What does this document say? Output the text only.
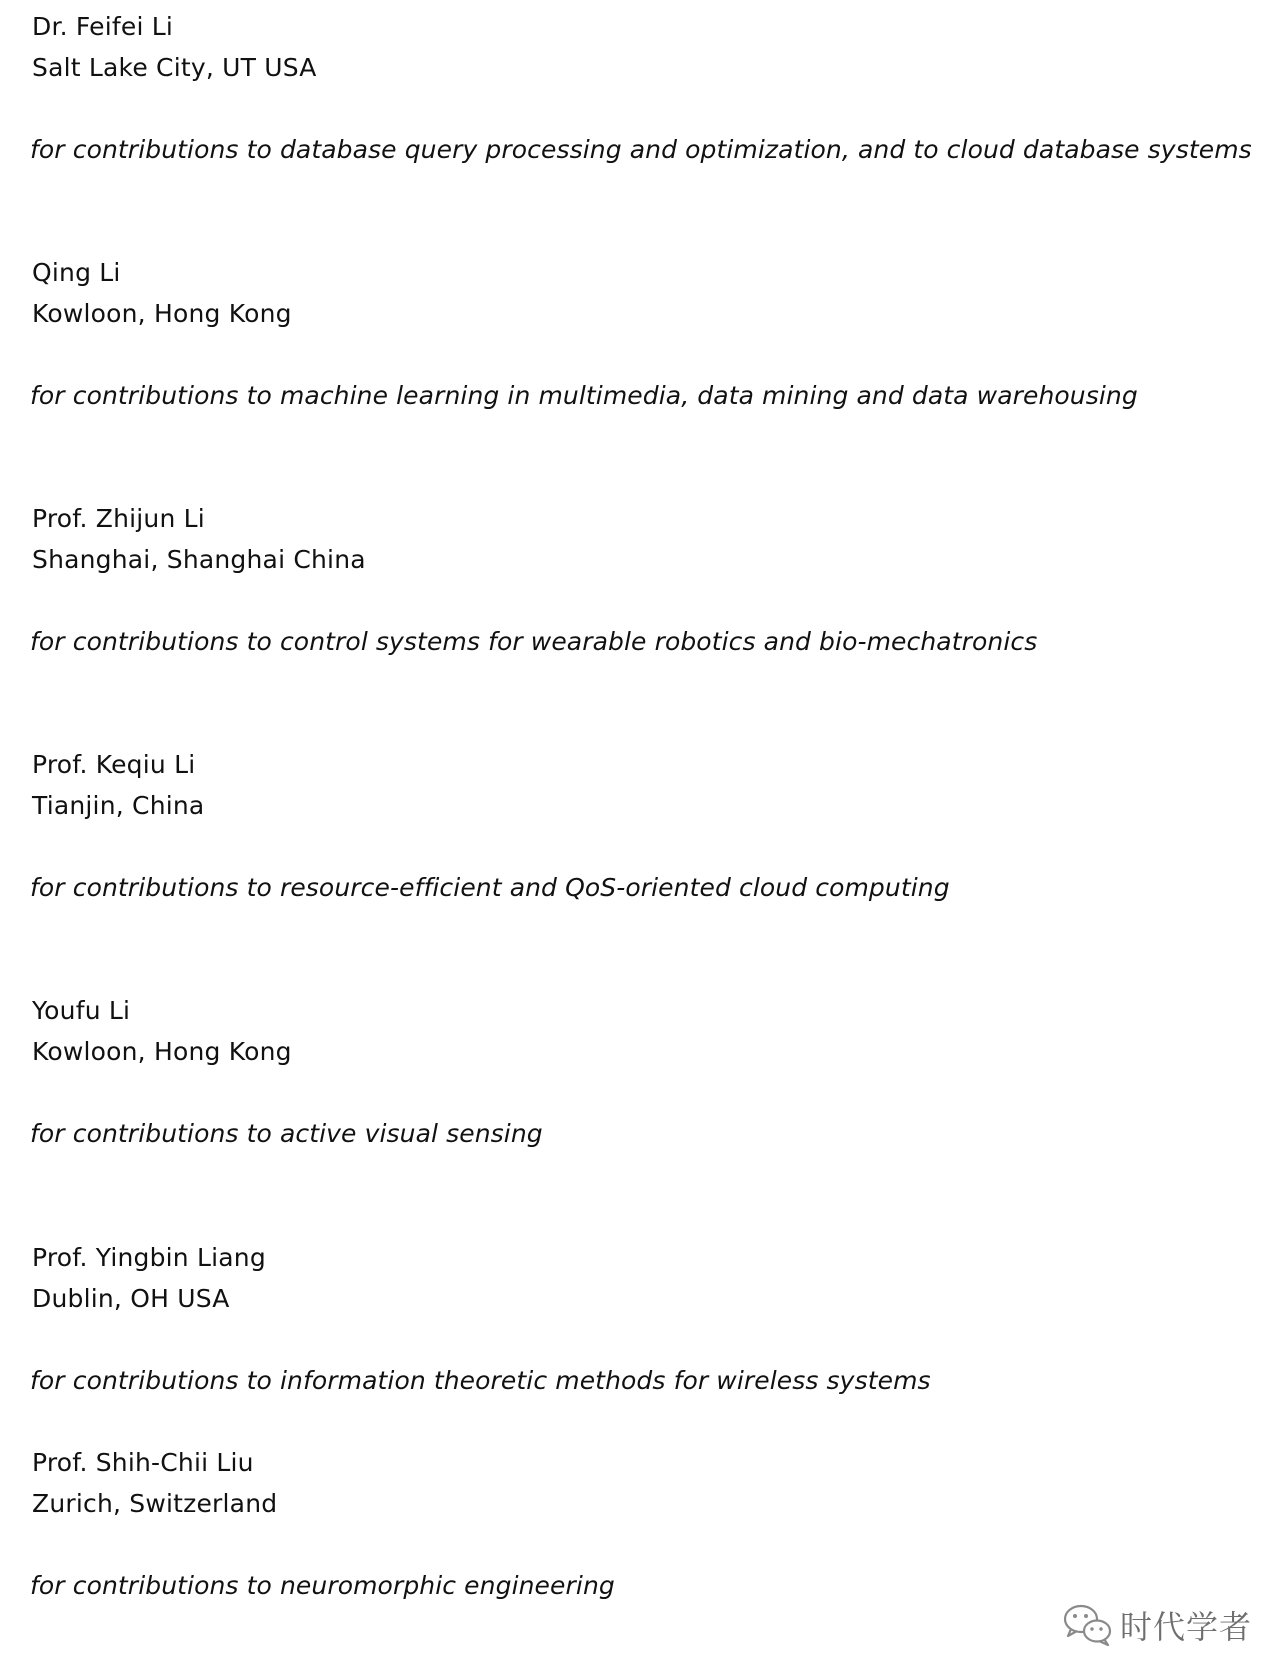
Dr. Feifei Li
Salt Lake City, UT USA
for contributions to database query processing and optimization, and to cloud database systems
Qing Li
Kowloon, Hong Kong
for contributions to machine learning in multimedia, data mining and data warehousing
Prof. Zhijun Li
Shanghai, Shanghai China
for contributions to control systems for wearable robotics and bio-mechatronics
Prof. Keqiu Li
Tianjin, China
for contributions to resource-efficient and QoS-oriented cloud computing
Youfu Li
Kowloon, Hong Kong
for contributions to active visual sensing
Prof. Yingbin Liang
Dublin, OH USA
for contributions to information theoretic methods for wireless systems
Prof. Shih-Chii Liu
Zurich, Switzerland
for contributions to neuromorphic engineering
时代学者
